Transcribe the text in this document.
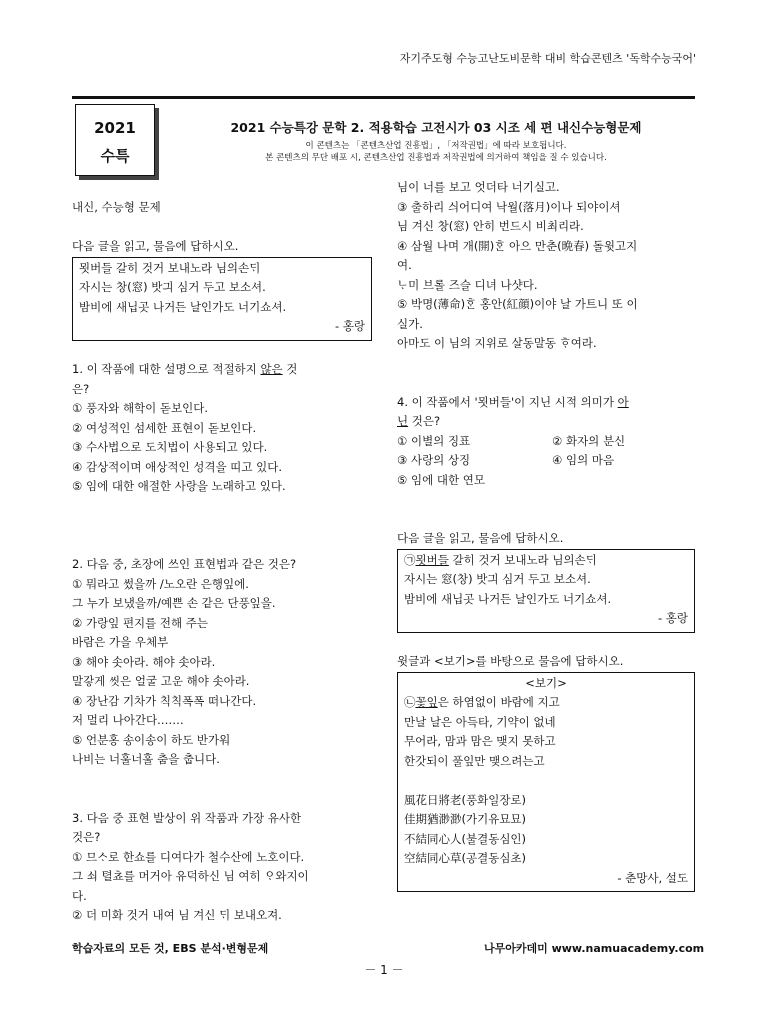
자기주도형 수능고난도비문학 대비 학습콘텐츠 '독학수능국어'
2021
수특
2021 수능특강 문학 2. 적용학습 고전시가 03 시조 세 편 내신수능형문제
이 콘텐츠는 「콘텐츠산업 진흥법」, 「저작권법」에 따라 보호됩니다.
본 콘텐츠의 무단 배포 시, 콘텐츠산업 진흥법과 저작권법에 의거하여 책임을 질 수 있습니다.
내신, 수능형 문제
다음 글을 읽고, 물음에 답하시오.
묏버들 갈히 것거 보내노라 님의손ᄃᆡ
자시는 창(窓) 밧긔 심거 두고 보소셔.
밤비에 새닙곳 나거든 날인가도 너기쇼셔.
- 홍랑
1. 이 작품에 대한 설명으로 적절하지 않은 것
은?
① 풍자와 해학이 돋보인다.
② 여성적인 섬세한 표현이 돋보인다.
③ 수사법으로 도치법이 사용되고 있다.
④ 감상적이며 애상적인 성격을 띠고 있다.
⑤ 임에 대한 애절한 사랑을 노래하고 있다.
2. 다음 중, 초장에 쓰인 표현법과 같은 것은?
① 뭐라고 썼을까 /노오란 은행잎에.
그 누가 보냈을까/예쁜 손 같은 단풍잎을.
② 가랑잎 편지를 전해 주는
바람은 가을 우체부
③ 해야 솟아라. 해야 솟아라.
말갛게 씻은 얼굴 고운 해야 솟아라.
④ 장난감 기차가 칙칙폭폭 떠나간다.
저 멀리 나아간다.……
⑤ 언분홍 송이송이 하도 반가워
나비는 너훌너훌 춤을 춥니다.
3. 다음 중 표현 발상이 위 작품과 가장 유사한
것은?
① 므ᄉᆞ로 한쇼를 디여다가 철수산에 노호이다.
그 쇠 텰쵸를 머거아 유덕하신 님 여히 ᄋᆞ와지이
다.
② 더 미화 것거 내여 님 겨신 ᄃᆡ 보내오져.
님이 너를 보고 엇더타 너기실고.
③ 출하리 싀어디여 낙월(落月)이나 되야이셔
님 겨신 창(窓) 안히 번드시 비최리라.
④ 삼월 나며 개(開)ᄒᆞᆫ 아으 만춘(晩春) 돌윗고지
여.
ᄂᆞ미 브롤 즈슬 디녀 나샷다.
⑤ 박명(薄命)ᄒᆞᆫ 홍안(紅顔)이야 날 가트니 또 이
실가.
아마도 이 님의 지위로 살동말동 ᄒᆞ여라.
4. 이 작품에서 '묏버들'이 지닌 시적 의미가 아
닌 것은?
① 이별의 징표	② 화자의 분신
③ 사랑의 상징	④ 임의 마음
⑤ 임에 대한 연모
다음 글을 읽고, 물음에 답하시오.
㉠묏버들 갈히 것거 보내노라 님의손ᄃᆡ
자시는 窓(창) 밧긔 심거 두고 보소셔.
밤비에 새닙곳 나거든 날인가도 너기쇼셔.
- 홍랑
윗글과 <보기>를 바탕으로 물음에 답하시오.
<보기>
㉡꽃잎은 하염없이 바람에 지고
만날 날은 아득타, 기약이 없네
무어라, 맘과 맘은 맺지 못하고
한갓되이 풀잎만 맺으려는고
風花日將老(풍화일장로)
佳期猶渺渺(가기유묘묘)
不結同心人(불결동심인)
空結同心草(공결동심초)
- 춘망사, 설도
학습자료의 모든 것, EBS 분석·변형문제	나무아카데미 www.namuacademy.com
－ 1 －
